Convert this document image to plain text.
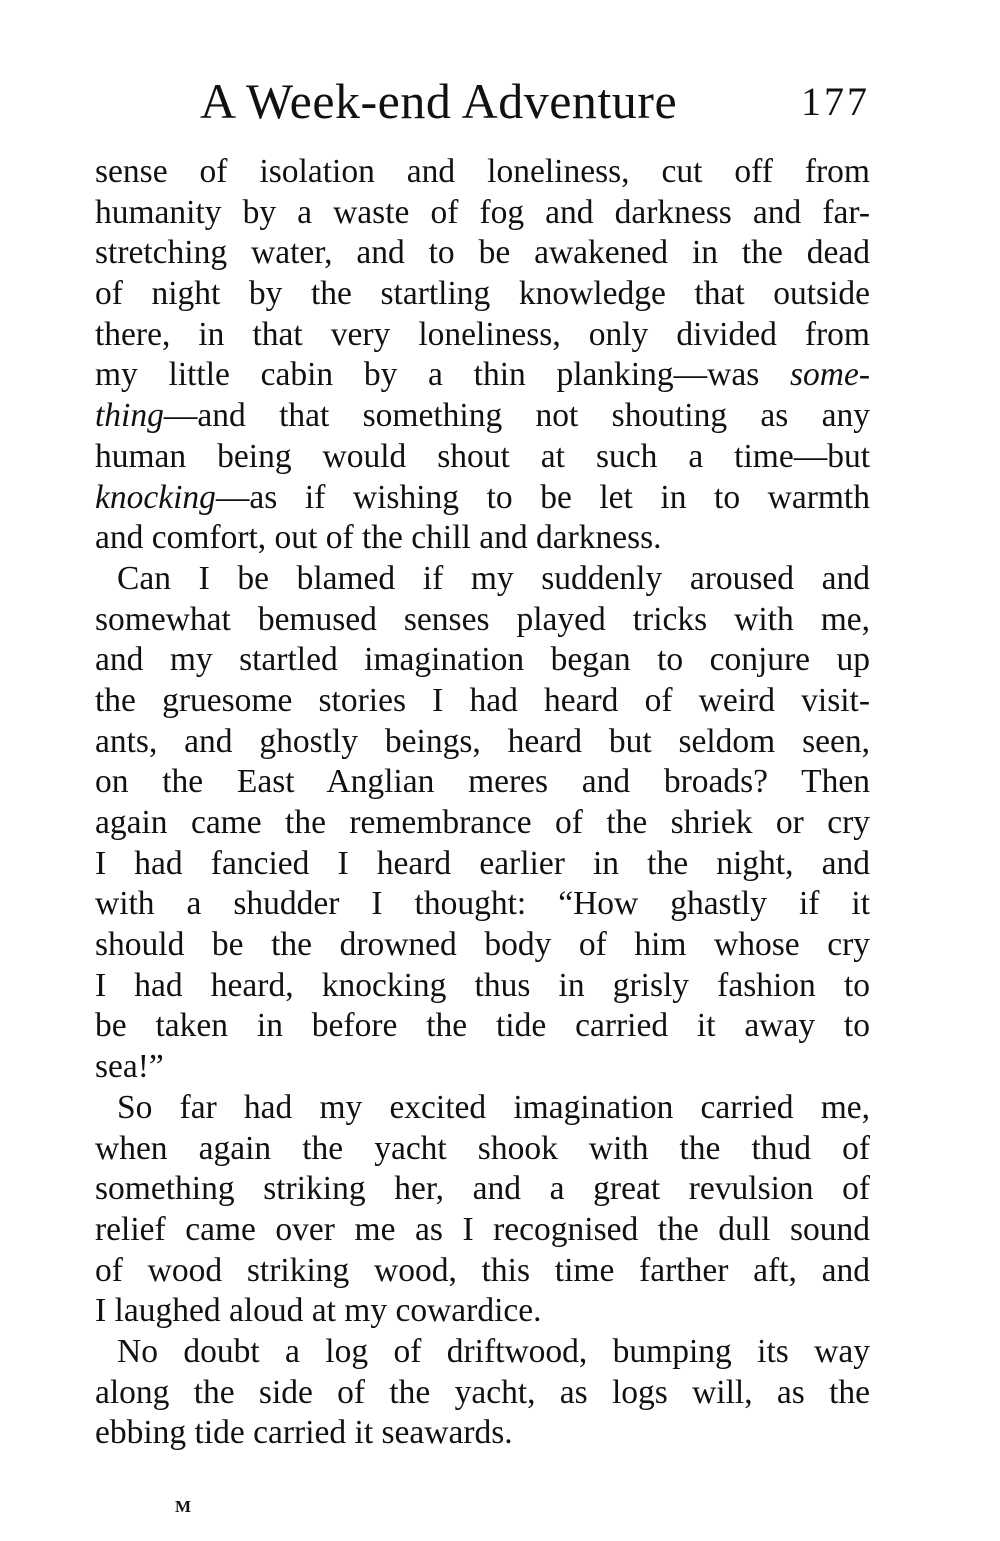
A Week-end Adventure	177
sense of isolation and loneliness, cut off from
humanity by a waste of fog and darkness and far-
stretching water, and to be awakened in the dead
of night by the startling knowledge that outside
there, in that very loneliness, only divided from
my little cabin by a thin planking—was some-
thing—and that something not shouting as any
human being would shout at such a time—but
knocking—as if wishing to be let in to warmth
and comfort, out of the chill and darkness.
Can I be blamed if my suddenly aroused and
somewhat bemused senses played tricks with me,
and my startled imagination began to conjure up
the gruesome stories I had heard of weird visit-
ants, and ghostly beings, heard but seldom seen,
on the East Anglian meres and broads? Then
again came the remembrance of the shriek or cry
I had fancied I heard earlier in the night, and
with a shudder I thought: “How ghastly if it
should be the drowned body of him whose cry
I had heard, knocking thus in grisly fashion to
be taken in before the tide carried it away to
sea!”
So far had my excited imagination carried me,
when again the yacht shook with the thud of
something striking her, and a great revulsion of
relief came over me as I recognised the dull sound
of wood striking wood, this time farther aft, and
I laughed aloud at my cowardice.
No doubt a log of driftwood, bumping its way
along the side of the yacht, as logs will, as the
ebbing tide carried it seawards.
M
